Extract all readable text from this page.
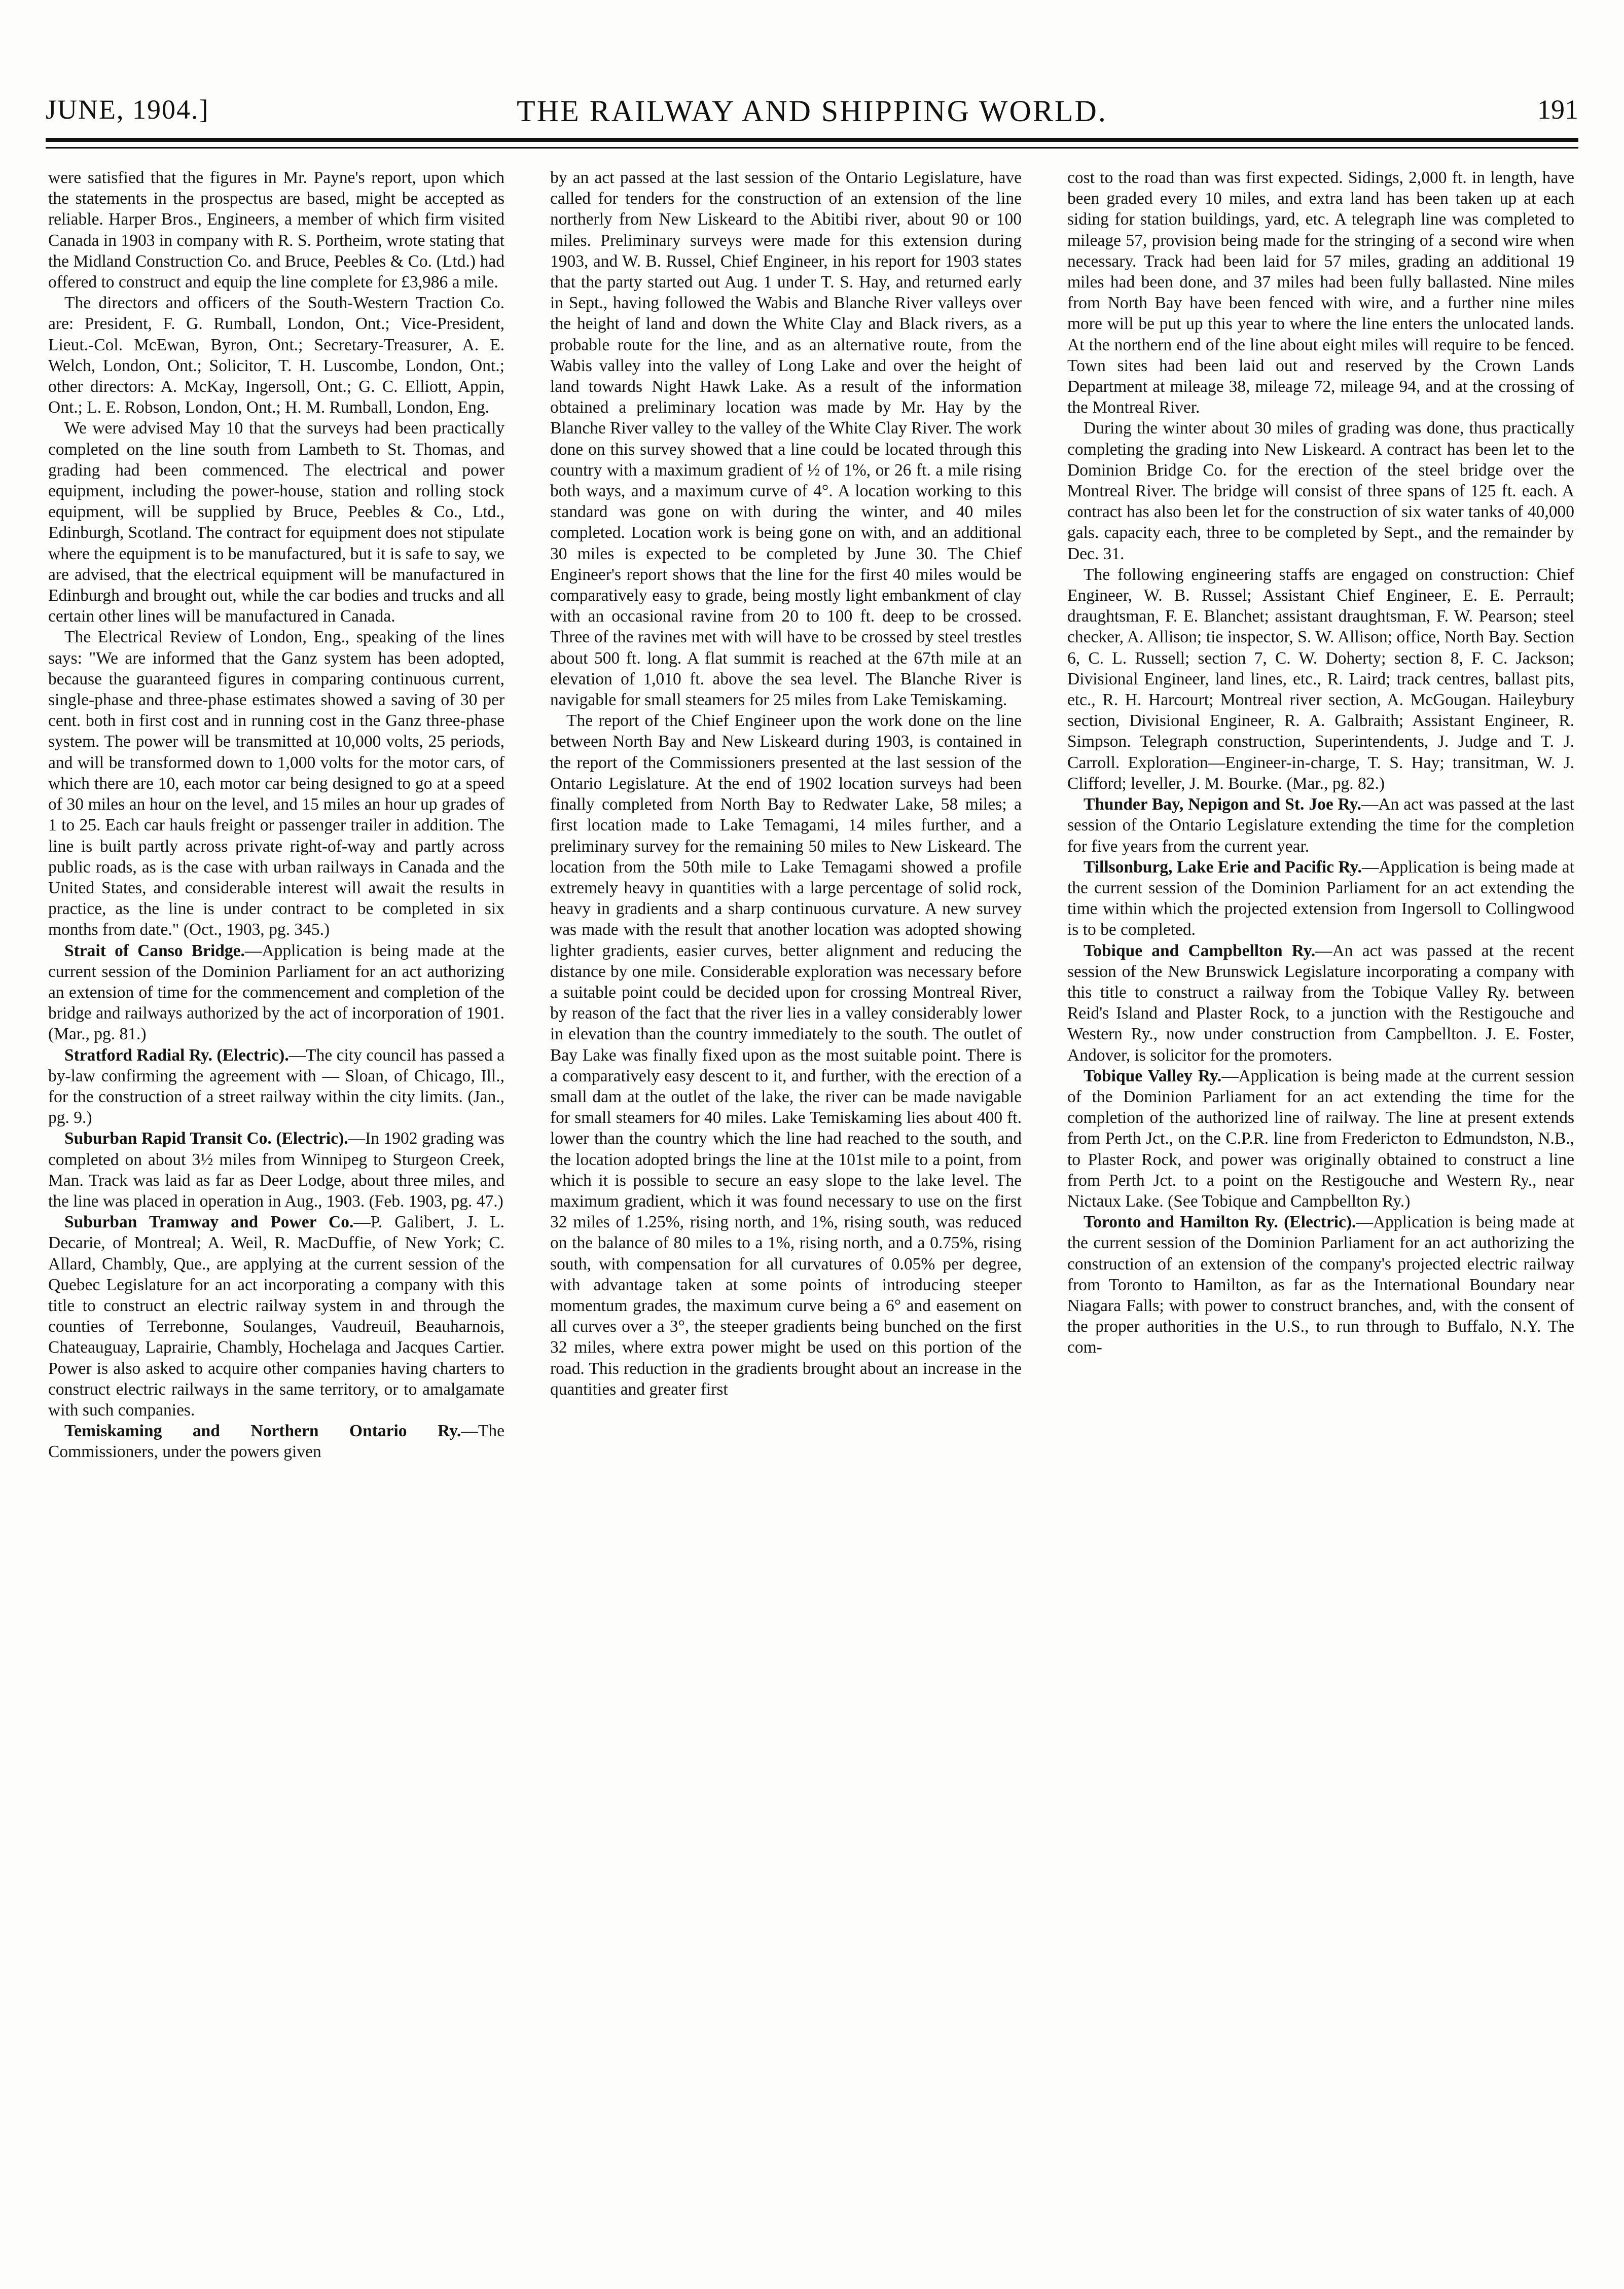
JUNE, 1904.]	THE RAILWAY AND SHIPPING WORLD.	191

were satisfied that the figures in Mr. Payne's report, upon which the statements in the prospectus are based, might be accepted as reliable. Harper Bros., Engineers, a member of which firm visited Canada in 1903 in company with R. S. Portheim, wrote stating that the Midland Construction Co. and Bruce, Peebles & Co. (Ltd.) had offered to construct and equip the line complete for £3,986 a mile.

The directors and officers of the South-Western Traction Co. are: President, F. G. Rumball, London, Ont.; Vice-President, Lieut.-Col. McEwan, Byron, Ont.; Secretary-Treasurer, A. E. Welch, London, Ont.; Solicitor, T. H. Luscombe, London, Ont.; other directors: A. McKay, Ingersoll, Ont.; G. C. Elliott, Appin, Ont.; L. E. Robson, London, Ont.; H. M. Rumball, London, Eng.

We were advised May 10 that the surveys had been practically completed on the line south from Lambeth to St. Thomas, and grading had been commenced. The electrical and power equipment, including the power-house, station and rolling stock equipment, will be supplied by Bruce, Peebles & Co., Ltd., Edinburgh, Scotland. The contract for equipment does not stipulate where the equipment is to be manufactured, but it is safe to say, we are advised, that the electrical equipment will be manufactured in Edinburgh and brought out, while the car bodies and trucks and all certain other lines will be manufactured in Canada.

The Electrical Review of London, Eng., speaking of the lines says: "We are informed that the Ganz system has been adopted, because the guaranteed figures in comparing continuous current, single-phase and three-phase estimates showed a saving of 30 per cent. both in first cost and in running cost in the Ganz three-phase system. The power will be transmitted at 10,000 volts, 25 periods, and will be transformed down to 1,000 volts for the motor cars, of which there are 10, each motor car being designed to go at a speed of 30 miles an hour on the level, and 15 miles an hour up grades of 1 to 25. Each car hauls freight or passenger trailer in addition. The line is built partly across private right-of-way and partly across public roads, as is the case with urban railways in Canada and the United States, and considerable interest will await the results in practice, as the line is under contract to be completed in six months from date." (Oct., 1903, pg. 345.)

Strait of Canso Bridge.—Application is being made at the current session of the Dominion Parliament for an act authorizing an extension of time for the commencement and completion of the bridge and railways authorized by the act of incorporation of 1901. (Mar., pg. 81.)

Stratford Radial Ry. (Electric).—The city council has passed a by-law confirming the agreement with — Sloan, of Chicago, Ill., for the construction of a street railway within the city limits. (Jan., pg. 9.)

Suburban Rapid Transit Co. (Electric).—In 1902 grading was completed on about 3½ miles from Winnipeg to Sturgeon Creek, Man. Track was laid as far as Deer Lodge, about three miles, and the line was placed in operation in Aug., 1903. (Feb. 1903, pg. 47.)

Suburban Tramway and Power Co.—P. Galibert, J. L. Decarie, of Montreal; A. Weil, R. MacDuffie, of New York; C. Allard, Chambly, Que., are applying at the current session of the Quebec Legislature for an act incorporating a company with this title to construct an electric railway system in and through the counties of Terrebonne, Soulanges, Vaudreuil, Beauharnois, Chateauguay, Laprairie, Chambly, Hochelaga and Jacques Cartier. Power is also asked to acquire other companies having charters to construct electric railways in the same territory, or to amalgamate with such companies.

Temiskaming and Northern Ontario Ry.—The Commissioners, under the powers given

by an act passed at the last session of the Ontario Legislature, have called for tenders for the construction of an extension of the line northerly from New Liskeard to the Abitibi river, about 90 or 100 miles. Preliminary surveys were made for this extension during 1903, and W. B. Russel, Chief Engineer, in his report for 1903 states that the party started out Aug. 1 under T. S. Hay, and returned early in Sept., having followed the Wabis and Blanche River valleys over the height of land and down the White Clay and Black rivers, as a probable route for the line, and as an alternative route, from the Wabis valley into the valley of Long Lake and over the height of land towards Night Hawk Lake. As a result of the information obtained a preliminary location was made by Mr. Hay by the Blanche River valley to the valley of the White Clay River. The work done on this survey showed that a line could be located through this country with a maximum gradient of ½ of 1%, or 26 ft. a mile rising both ways, and a maximum curve of 4°. A location working to this standard was gone on with during the winter, and 40 miles completed. Location work is being gone on with, and an additional 30 miles is expected to be completed by June 30. The Chief Engineer's report shows that the line for the first 40 miles would be comparatively easy to grade, being mostly light embankment of clay with an occasional ravine from 20 to 100 ft. deep to be crossed. Three of the ravines met with will have to be crossed by steel trestles about 500 ft. long. A flat summit is reached at the 67th mile at an elevation of 1,010 ft. above the sea level. The Blanche River is navigable for small steamers for 25 miles from Lake Temiskaming.

The report of the Chief Engineer upon the work done on the line between North Bay and New Liskeard during 1903, is contained in the report of the Commissioners presented at the last session of the Ontario Legislature. At the end of 1902 location surveys had been finally completed from North Bay to Redwater Lake, 58 miles; a first location made to Lake Temagami, 14 miles further, and a preliminary survey for the remaining 50 miles to New Liskeard. The location from the 50th mile to Lake Temagami showed a profile extremely heavy in quantities with a large percentage of solid rock, heavy in gradients and a sharp continuous curvature. A new survey was made with the result that another location was adopted showing lighter gradients, easier curves, better alignment and reducing the distance by one mile. Considerable exploration was necessary before a suitable point could be decided upon for crossing Montreal River, by reason of the fact that the river lies in a valley considerably lower in elevation than the country immediately to the south. The outlet of Bay Lake was finally fixed upon as the most suitable point. There is a comparatively easy descent to it, and further, with the erection of a small dam at the outlet of the lake, the river can be made navigable for small steamers for 40 miles. Lake Temiskaming lies about 400 ft. lower than the country which the line had reached to the south, and the location adopted brings the line at the 101st mile to a point, from which it is possible to secure an easy slope to the lake level. The maximum gradient, which it was found necessary to use on the first 32 miles of 1.25%, rising north, and 1%, rising south, was reduced on the balance of 80 miles to a 1%, rising north, and a 0.75%, rising south, with compensation for all curvatures of 0.05% per degree, with advantage taken at some points of introducing steeper momentum grades, the maximum curve being a 6° and easement on all curves over a 3°, the steeper gradients being bunched on the first 32 miles, where extra power might be used on this portion of the road. This reduction in the gradients brought about an increase in the quantities and greater first

cost to the road than was first expected. Sidings, 2,000 ft. in length, have been graded every 10 miles, and extra land has been taken up at each siding for station buildings, yard, etc. A telegraph line was completed to mileage 57, provision being made for the stringing of a second wire when necessary. Track had been laid for 57 miles, grading an additional 19 miles had been done, and 37 miles had been fully ballasted. Nine miles from North Bay have been fenced with wire, and a further nine miles more will be put up this year to where the line enters the unlocated lands. At the northern end of the line about eight miles will require to be fenced. Town sites had been laid out and reserved by the Crown Lands Department at mileage 38, mileage 72, mileage 94, and at the crossing of the Montreal River.

During the winter about 30 miles of grading was done, thus practically completing the grading into New Liskeard. A contract has been let to the Dominion Bridge Co. for the erection of the steel bridge over the Montreal River. The bridge will consist of three spans of 125 ft. each. A contract has also been let for the construction of six water tanks of 40,000 gals. capacity each, three to be completed by Sept., and the remainder by Dec. 31.

The following engineering staffs are engaged on construction: Chief Engineer, W. B. Russel; Assistant Chief Engineer, E. E. Perrault; draughtsman, F. E. Blanchet; assistant draughtsman, F. W. Pearson; steel checker, A. Allison; tie inspector, S. W. Allison; office, North Bay. Section 6, C. L. Russell; section 7, C. W. Doherty; section 8, F. C. Jackson; Divisional Engineer, land lines, etc., R. Laird; track centres, ballast pits, etc., R. H. Harcourt; Montreal river section, A. McGougan. Haileybury section, Divisional Engineer, R. A. Galbraith; Assistant Engineer, R. Simpson. Telegraph construction, Superintendents, J. Judge and T. J. Carroll. Exploration—Engineer-in-charge, T. S. Hay; transitman, W. J. Clifford; leveller, J. M. Bourke. (Mar., pg. 82.)

Thunder Bay, Nepigon and St. Joe Ry.—An act was passed at the last session of the Ontario Legislature extending the time for the completion for five years from the current year.

Tillsonburg, Lake Erie and Pacific Ry.—Application is being made at the current session of the Dominion Parliament for an act extending the time within which the projected extension from Ingersoll to Collingwood is to be completed.

Tobique and Campbellton Ry.—An act was passed at the recent session of the New Brunswick Legislature incorporating a company with this title to construct a railway from the Tobique Valley Ry. between Reid's Island and Plaster Rock, to a junction with the Restigouche and Western Ry., now under construction from Campbellton. J. E. Foster, Andover, is solicitor for the promoters.

Tobique Valley Ry.—Application is being made at the current session of the Dominion Parliament for an act extending the time for the completion of the authorized line of railway. The line at present extends from Perth Jct., on the C.P.R. line from Fredericton to Edmundston, N.B., to Plaster Rock, and power was originally obtained to construct a line from Perth Jct. to a point on the Restigouche and Western Ry., near Nictaux Lake. (See Tobique and Campbellton Ry.)

Toronto and Hamilton Ry. (Electric).—Application is being made at the current session of the Dominion Parliament for an act authorizing the construction of an extension of the company's projected electric railway from Toronto to Hamilton, as far as the International Boundary near Niagara Falls; with power to construct branches, and, with the consent of the proper authorities in the U.S., to run through to Buffalo, N.Y. The com-
